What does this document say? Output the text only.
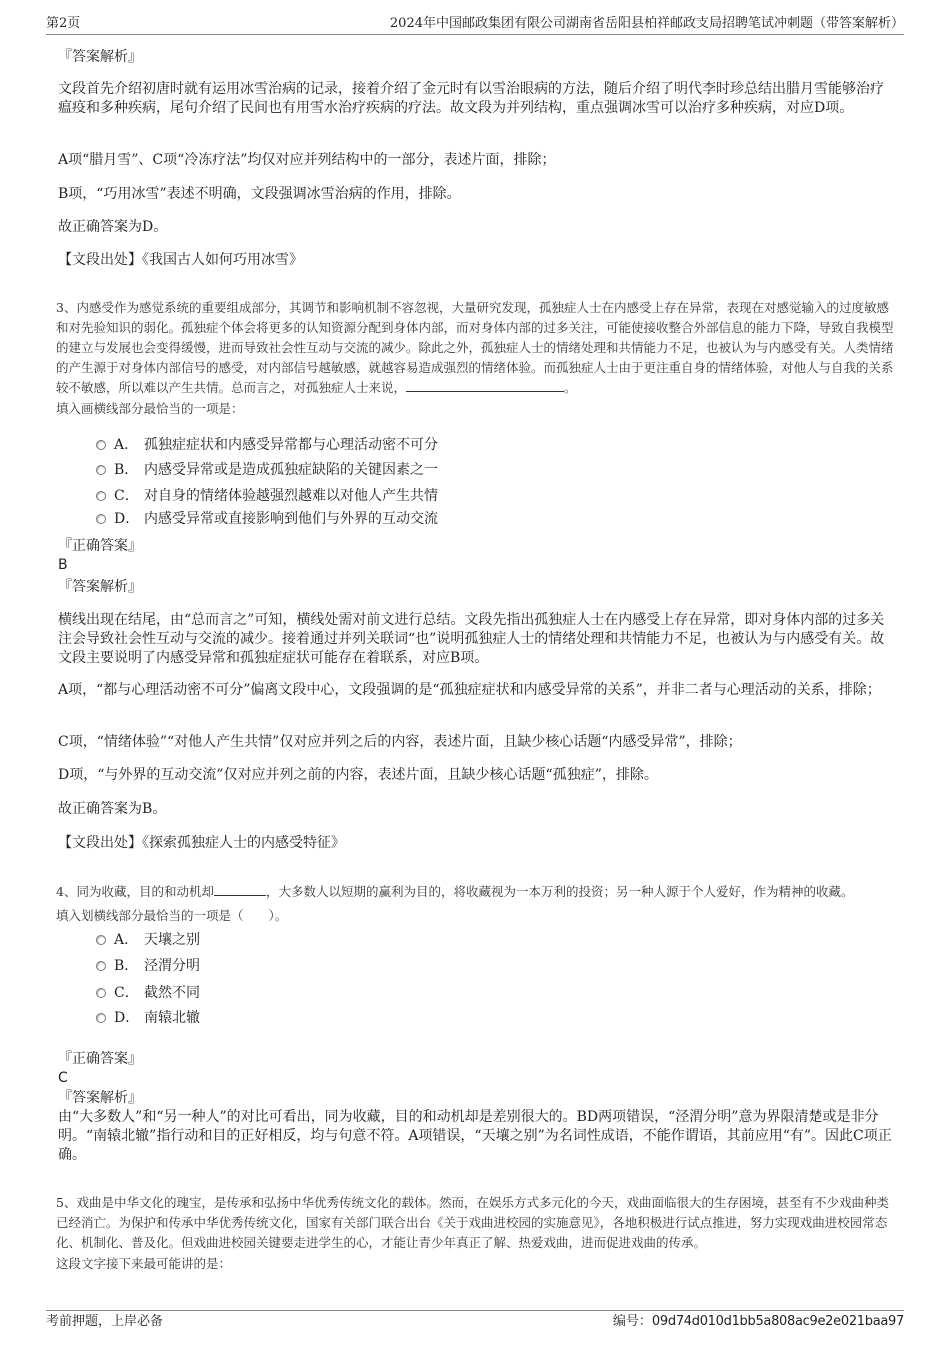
第2页	2024年中国邮政集团有限公司湖南省岳阳县柏祥邮政支局招聘笔试冲刺题（带答案解析）
『答案解析』

文段首先介绍初唐时就有运用冰雪治病的记录，接着介绍了金元时有以雪治眼病的方法，随后介绍了明代李时珍总结出腊月雪能够治疗瘟疫和多种疾病，尾句介绍了民间也有用雪水治疗疾病的疗法。故文段为并列结构，重点强调冰雪可以治疗多种疾病，对应D项。

A项“腊月雪”、C项“冷冻疗法”均仅对应并列结构中的一部分，表述片面，排除；

B项，“巧用冰雪”表述不明确，文段强调冰雪治病的作用，排除。

故正确答案为D。

【文段出处】《我国古人如何巧用冰雪》

3、内感受作为感觉系统的重要组成部分，其调节和影响机制不容忽视，大量研究发现，孤独症人士在内感受上存在异常，表现在对感觉输入的过度敏感和对先验知识的弱化。孤独症个体会将更多的认知资源分配到身体内部，而对身体内部的过多关注，可能使接收整合外部信息的能力下降，导致自我模型的建立与发展也会变得缓慢，进而导致社会性互动与交流的减少。除此之外，孤独症人士的情绪处理和共情能力不足，也被认为与内感受有关。人类情绪的产生源于对身体内部信号的感受，对内部信号越敏感，就越容易造成强烈的情绪体验。而孤独症人士由于更注重自身的情绪体验，对他人与自我的关系较不敏感，所以难以产生共情。总而言之，对孤独症人士来说，	。

填入画横线部分最恰当的一项是：
A． 孤独症症状和内感受异常都与心理活动密不可分
B． 内感受异常或是造成孤独症缺陷的关键因素之一
C． 对自身的情绪体验越强烈越难以对他人产生共情
D． 内感受异常或直接影响到他们与外界的互动交流
『正确答案』
B
『答案解析』

横线出现在结尾，由“总而言之”可知，横线处需对前文进行总结。文段先指出孤独症人士在内感受上存在异常，即对身体内部的过多关注会导致社会性互动与交流的减少。接着通过并列关联词“也”说明孤独症人士的情绪处理和共情能力不足，也被认为与内感受有关。故文段主要说明了内感受异常和孤独症症状可能存在着联系，对应B项。

A项，“都与心理活动密不可分”偏离文段中心，文段强调的是“孤独症症状和内感受异常的关系”，并非二者与心理活动的关系，排除；

C项，“情绪体验”“对他人产生共情”仅对应并列之后的内容，表述片面，且缺少核心话题“内感受异常”，排除；

D项，“与外界的互动交流”仅对应并列之前的内容，表述片面，且缺少核心话题“孤独症”，排除。

故正确答案为B。

【文段出处】《探索孤独症人士的内感受特征》

4、同为收藏，目的和动机却	，大多数人以短期的赢利为目的，将收藏视为一本万利的投资；另一种人源于个人爱好，作为精神的收藏。

填入划横线部分最恰当的一项是（　　）。
A． 天壤之别
B． 泾渭分明
C． 截然不同
D． 南辕北辙
『正确答案』
C
『答案解析』

由“大多数人”和“另一种人”的对比可看出，同为收藏，目的和动机却是差别很大的。BD两项错误，“泾渭分明”意为界限清楚或是非分明。“南辕北辙”指行动和目的正好相反，均与句意不符。A项错误，“天壤之别”为名词性成语，不能作谓语，其前应用“有”。因此C项正确。

5、戏曲是中华文化的瑰宝，是传承和弘扬中华优秀传统文化的载体。然而，在娱乐方式多元化的今天，戏曲面临很大的生存困境，甚至有不少戏曲种类已经消亡。为保护和传承中华优秀传统文化，国家有关部门联合出台《关于戏曲进校园的实施意见》，各地积极进行试点推进，努力实现戏曲进校园常态化、机制化、普及化。但戏曲进校园关键要走进学生的心，才能让青少年真正了解、热爱戏曲，进而促进戏曲的传承。

这段文字接下来最可能讲的是：
考前押题，上岸必备	编号：09d74d010d1bb5a808ac9e2e021baa97
